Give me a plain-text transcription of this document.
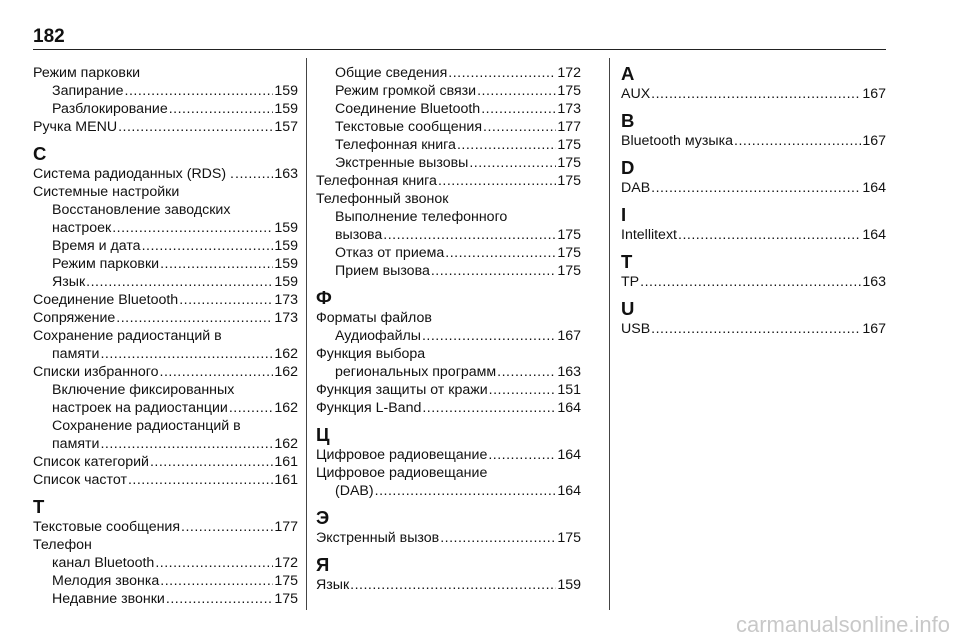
182
Режим парковки
Запирание .....	159
Разблокирование .....	159
Ручка MENU .....	157
С
Система радиоданных (RDS) . .....	163
Системные настройки
Восстановление заводских
настроек .....	159
Время и дата .....	159
Режим парковки .....	159
Язык .....	159
Соединение Bluetooth .....	173
Сопряжение .....	173
Сохранение радиостанций в
памяти .....	162
Списки избранного .....	162
Включение фиксированных
настроек на радиостанции .....	162
Сохранение радиостанций в
памяти .....	162
Список категорий .....	161
Список частот .....	161
Т
Текстовые сообщения .....	177
Телефон
канал Bluetooth .....	172
Мелодия звонка .....	175
Недавние звонки .....	175
Общие сведения .....	172
Режим громкой связи .....	175
Соединение Bluetooth .....	173
Текстовые сообщения .....	177
Телефонная книга .....	175
Экстренные вызовы .....	175
Телефонная книга .....	175
Телефонный звонок
Выполнение телефонного
вызова .....	175
Отказ от приема .....	175
Прием вызова .....	175
Ф
Форматы файлов
Аудиофайлы .....	167
Функция выбора
региональных программ .....	163
Функция защиты от кражи .....	151
Функция L-Band .....	164
Ц
Цифровое радиовещание .....	164
Цифровое радиовещание
(DAB) .....	164
Э
Экстренный вызов .....	175
Я
Язык .....	159
A
AUX .....	167
B
Bluetooth музыка .....	167
D
DAB .....	164
I
Intellitext .....	164
T
TP .....	163
U
USB .....	167
carmanualsonline.info
